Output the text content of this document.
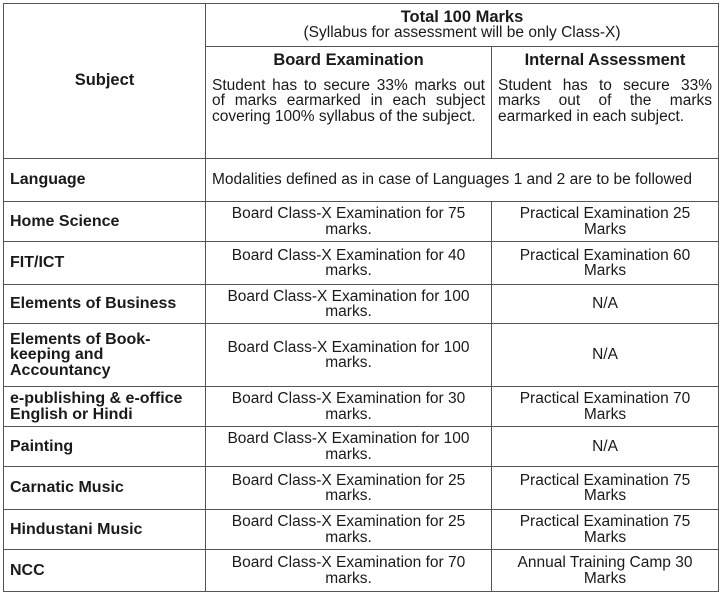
Subject	Total 100 Marks
(Syllabus for assessment will be only Class-X)	

	Board Examination	Internal Assessment
	Student has to secure 33% marks out of marks earmarked in each subject covering 100% syllabus of the subject.	Student has to secure 33% marks out of the marks earmarked in each subject.
Language	Modalities defined as in case of Languages 1 and 2 are to be followed	
Home Science	Board Class-X Examination for 75 marks.	Practical Examination 25 Marks
FIT/ICT	Board Class-X Examination for 40 marks.	Practical Examination 60 Marks
Elements of Business	Board Class-X Examination for 100 marks.	N/A
Elements of Book-keeping and Accountancy	Board Class-X Examination for 100 marks.	N/A
e-publishing & e-office English or Hindi	Board Class-X Examination for 30 marks.	Practical Examination 70 Marks
Painting	Board Class-X Examination for 100 marks.	N/A
Carnatic Music	Board Class-X Examination for 25 marks.	Practical Examination 75 Marks
Hindustani Music	Board Class-X Examination for 25 marks.	Practical Examination 75 Marks
NCC	Board Class-X Examination for 70 marks.	Annual Training Camp 30 Marks
